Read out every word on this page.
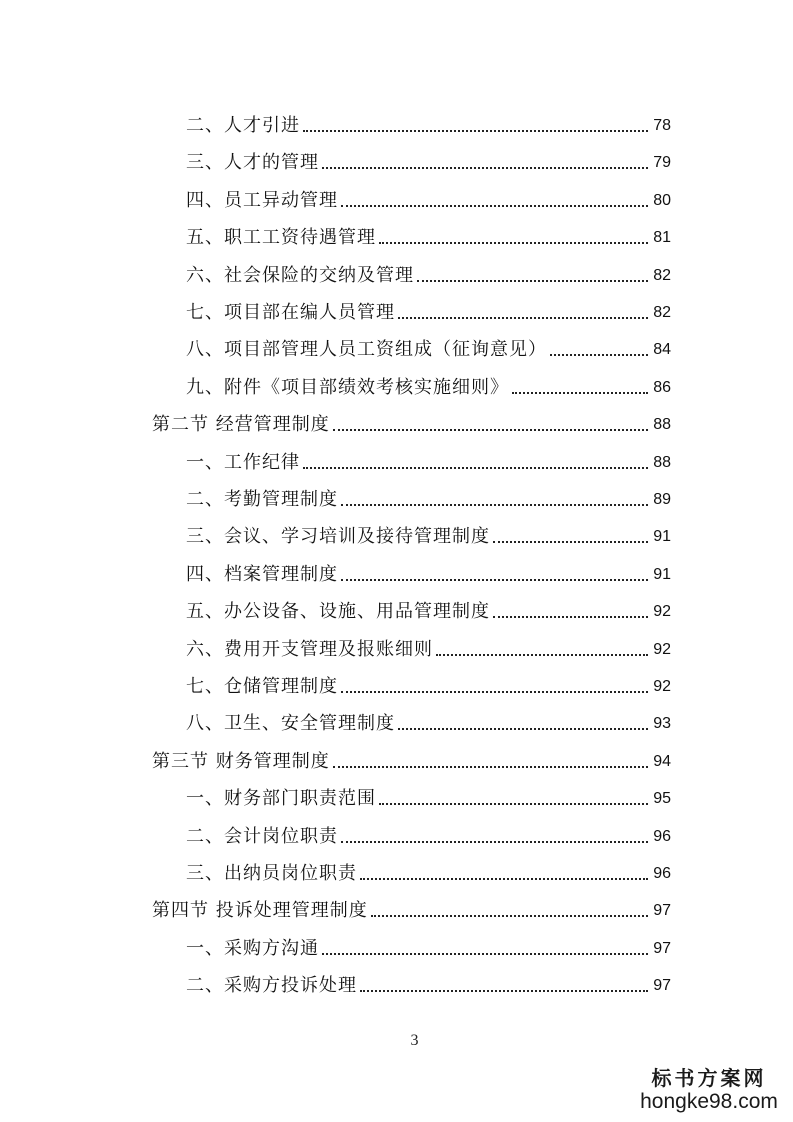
二、人才引进	78
三、人才的管理	79
四、员工异动管理	80
五、职工工资待遇管理	81
六、社会保险的交纳及管理	82
七、项目部在编人员管理	82
八、项目部管理人员工资组成（征询意见）	84
九、附件《项目部绩效考核实施细则》	86
第二节 经营管理制度	88
一、工作纪律	88
二、考勤管理制度	89
三、会议、学习培训及接待管理制度	91
四、档案管理制度	91
五、办公设备、设施、用品管理制度	92
六、费用开支管理及报账细则	92
七、仓储管理制度	92
八、卫生、安全管理制度	93
第三节 财务管理制度	94
一、财务部门职责范围	95
二、会计岗位职责	96
三、出纳员岗位职责	96
第四节 投诉处理管理制度	97
一、采购方沟通	97
二、采购方投诉处理	97
3
标书方案网
hongke98.com
